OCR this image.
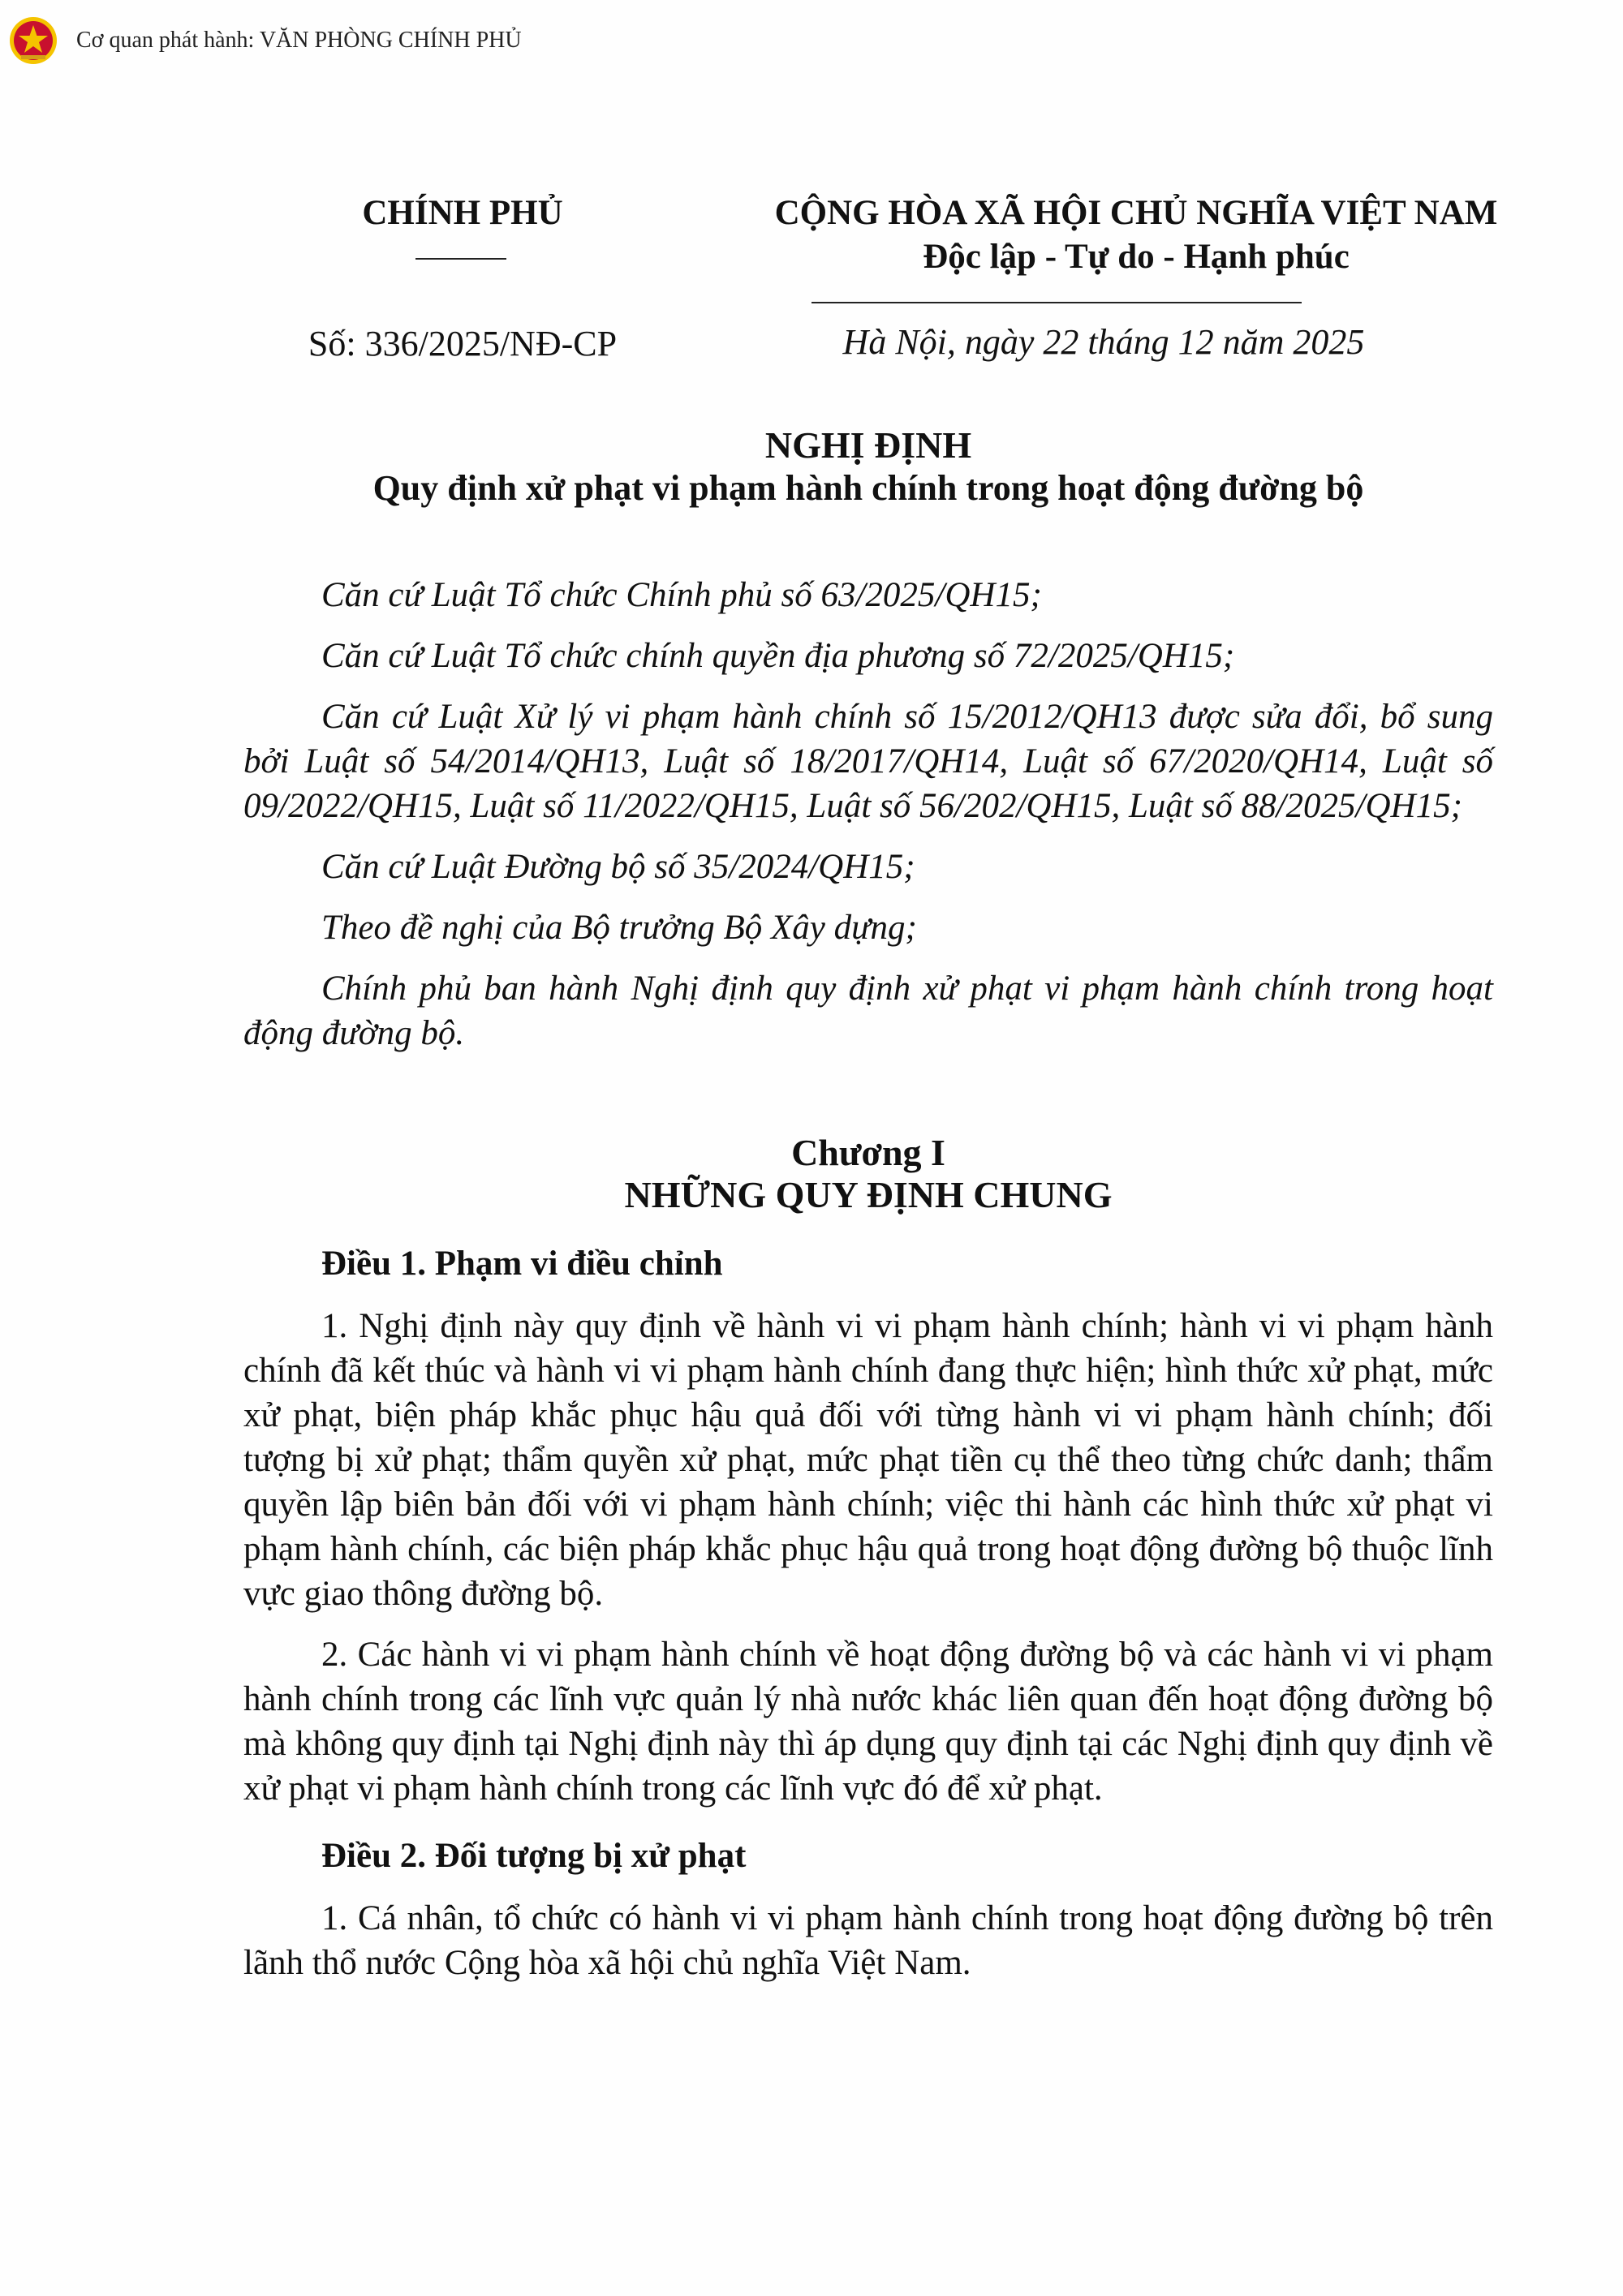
Cơ quan phát hành: VĂN PHÒNG CHÍNH PHỦ
CHÍNH PHỦ	CỘNG HÒA XÃ HỘI CHỦ NGHĨA VIỆT NAM
Độc lập - Tự do - Hạnh phúc
Số: 336/2025/NĐ-CP	Hà Nội, ngày 22 tháng 12 năm 2025
NGHỊ ĐỊNH
Quy định xử phạt vi phạm hành chính trong hoạt động đường bộ
Căn cứ Luật Tổ chức Chính phủ số 63/2025/QH15;
Căn cứ Luật Tổ chức chính quyền địa phương số 72/2025/QH15;
Căn cứ Luật Xử lý vi phạm hành chính số 15/2012/QH13 được sửa đổi, bổ sung bởi Luật số 54/2014/QH13, Luật số 18/2017/QH14, Luật số 67/2020/QH14, Luật số 09/2022/QH15, Luật số 11/2022/QH15, Luật số 56/202/QH15, Luật số 88/2025/QH15;
Căn cứ Luật Đường bộ số 35/2024/QH15;
Theo đề nghị của Bộ trưởng Bộ Xây dựng;
Chính phủ ban hành Nghị định quy định xử phạt vi phạm hành chính trong hoạt động đường bộ.
Chương I
NHỮNG QUY ĐỊNH CHUNG
Điều 1. Phạm vi điều chỉnh
1. Nghị định này quy định về hành vi vi phạm hành chính; hành vi vi phạm hành chính đã kết thúc và hành vi vi phạm hành chính đang thực hiện; hình thức xử phạt, mức xử phạt, biện pháp khắc phục hậu quả đối với từng hành vi vi phạm hành chính; đối tượng bị xử phạt; thẩm quyền xử phạt, mức phạt tiền cụ thể theo từng chức danh; thẩm quyền lập biên bản đối với vi phạm hành chính; việc thi hành các hình thức xử phạt vi phạm hành chính, các biện pháp khắc phục hậu quả trong hoạt động đường bộ thuộc lĩnh vực giao thông đường bộ.
2. Các hành vi vi phạm hành chính về hoạt động đường bộ và các hành vi vi phạm hành chính trong các lĩnh vực quản lý nhà nước khác liên quan đến hoạt động đường bộ mà không quy định tại Nghị định này thì áp dụng quy định tại các Nghị định quy định về xử phạt vi phạm hành chính trong các lĩnh vực đó để xử phạt.
Điều 2. Đối tượng bị xử phạt
1. Cá nhân, tổ chức có hành vi vi phạm hành chính trong hoạt động đường bộ trên lãnh thổ nước Cộng hòa xã hội chủ nghĩa Việt Nam.
